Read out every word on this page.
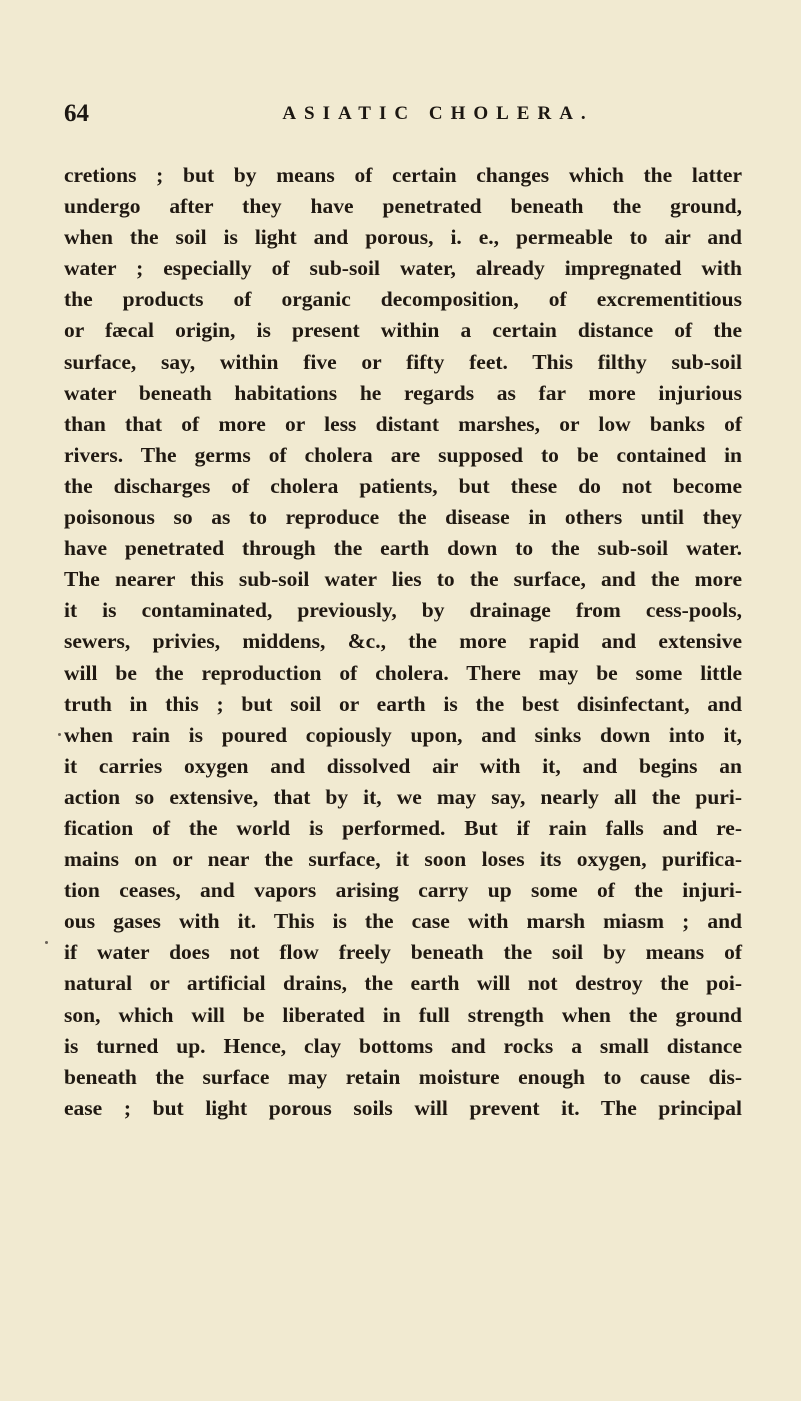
64	ASIATIC CHOLERA.
cretions ; but by means of certain changes which the latter
undergo after they have penetrated beneath the ground,
when the soil is light and porous, i. e., permeable to air and
water ; especially of sub-soil water, already impregnated with
the products of organic decomposition, of excrementitious
or fæcal origin, is present within a certain distance of the
surface, say, within five or fifty feet. This filthy sub-soil
water beneath habitations he regards as far more injurious
than that of more or less distant marshes, or low banks of
rivers. The germs of cholera are supposed to be contained in
the discharges of cholera patients, but these do not become
poisonous so as to reproduce the disease in others until they
have penetrated through the earth down to the sub-soil water.
The nearer this sub-soil water lies to the surface, and the more
it is contaminated, previously, by drainage from cess-pools,
sewers, privies, middens, &c., the more rapid and extensive
will be the reproduction of cholera. There may be some little
truth in this ; but soil or earth is the best disinfectant, and
when rain is poured copiously upon, and sinks down into it,
it carries oxygen and dissolved air with it, and begins an
action so extensive, that by it, we may say, nearly all the puri-
fication of the world is performed. But if rain falls and re-
mains on or near the surface, it soon loses its oxygen, purifica-
tion ceases, and vapors arising carry up some of the injuri-
ous gases with it. This is the case with marsh miasm ; and
if water does not flow freely beneath the soil by means of
natural or artificial drains, the earth will not destroy the poi-
son, which will be liberated in full strength when the ground
is turned up. Hence, clay bottoms and rocks a small distance
beneath the surface may retain moisture enough to cause dis-
ease ; but light porous soils will prevent it. The principal
